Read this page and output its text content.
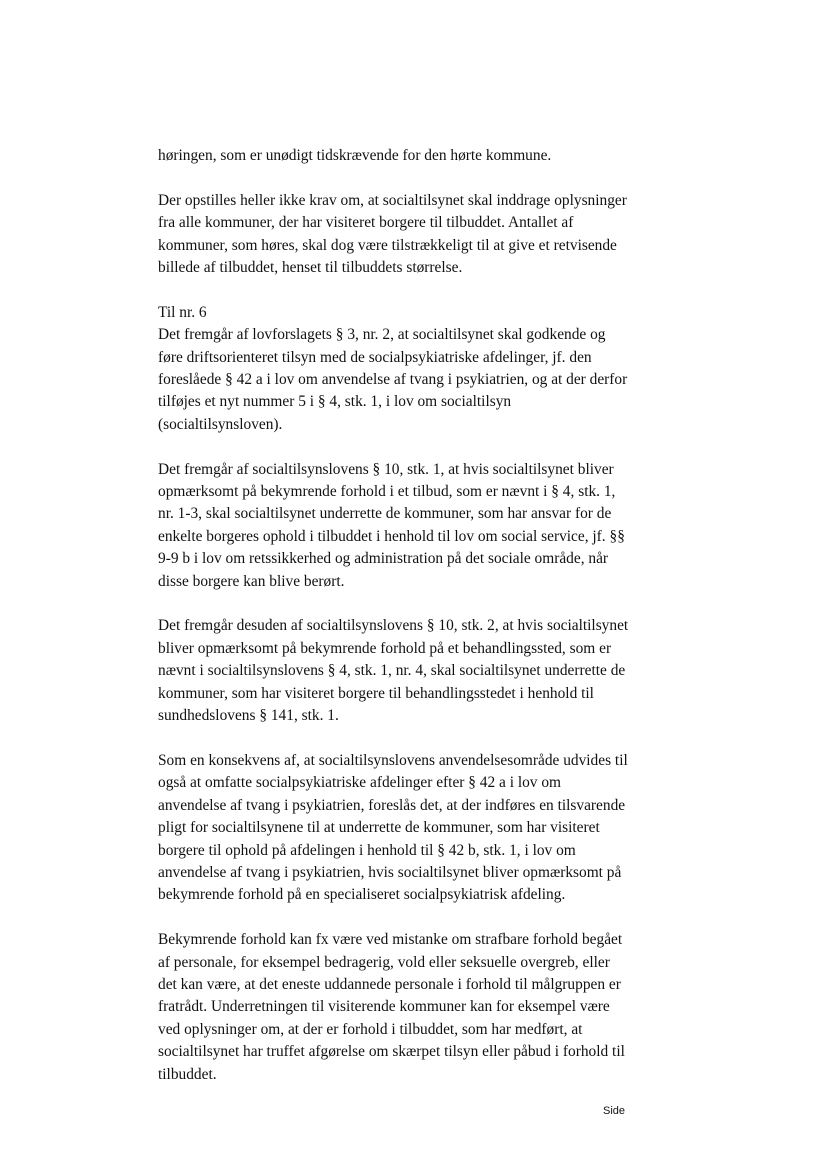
høringen, som er unødigt tidskrævende for den hørte kommune.
Der opstilles heller ikke krav om, at socialtilsynet skal inddrage oplysninger
fra alle kommuner, der har visiteret borgere til tilbuddet. Antallet af
kommuner, som høres, skal dog være tilstrækkeligt til at give et retvisende
billede af tilbuddet, henset til tilbuddets størrelse.
Til nr. 6
Det fremgår af lovforslagets § 3, nr. 2, at socialtilsynet skal godkende og
føre driftsorienteret tilsyn med de socialpsykiatriske afdelinger, jf. den
foreslåede § 42 a i lov om anvendelse af tvang i psykiatrien, og at der derfor
tilføjes et nyt nummer 5 i § 4, stk. 1, i lov om socialtilsyn
(socialtilsynsloven).
Det fremgår af socialtilsynslovens § 10, stk. 1, at hvis socialtilsynet bliver
opmærksomt på bekymrende forhold i et tilbud, som er nævnt i § 4, stk. 1,
nr. 1-3, skal socialtilsynet underrette de kommuner, som har ansvar for de
enkelte borgeres ophold i tilbuddet i henhold til lov om social service, jf. §§
9-9 b i lov om retssikkerhed og administration på det sociale område, når
disse borgere kan blive berørt.
Det fremgår desuden af socialtilsynslovens § 10, stk. 2, at hvis socialtilsynet
bliver opmærksomt på bekymrende forhold på et behandlingssted, som er
nævnt i socialtilsynslovens § 4, stk. 1, nr. 4, skal socialtilsynet underrette de
kommuner, som har visiteret borgere til behandlingsstedet i henhold til
sundhedslovens § 141, stk. 1.
Som en konsekvens af, at socialtilsynslovens anvendelsesområde udvides til
også at omfatte socialpsykiatriske afdelinger efter § 42 a i lov om
anvendelse af tvang i psykiatrien, foreslås det, at der indføres en tilsvarende
pligt for socialtilsynene til at underrette de kommuner, som har visiteret
borgere til ophold på afdelingen i henhold til § 42 b, stk. 1, i lov om
anvendelse af tvang i psykiatrien, hvis socialtilsynet bliver opmærksomt på
bekymrende forhold på en specialiseret socialpsykiatrisk afdeling.
Bekymrende forhold kan fx være ved mistanke om strafbare forhold begået
af personale, for eksempel bedragerig, vold eller seksuelle overgreb, eller
det kan være, at det eneste uddannede personale i forhold til målgruppen er
fratrådt. Underretningen til visiterende kommuner kan for eksempel være
ved oplysninger om, at der er forhold i tilbuddet, som har medført, at
socialtilsynet har truffet afgørelse om skærpet tilsyn eller påbud i forhold til
tilbuddet.
Side
